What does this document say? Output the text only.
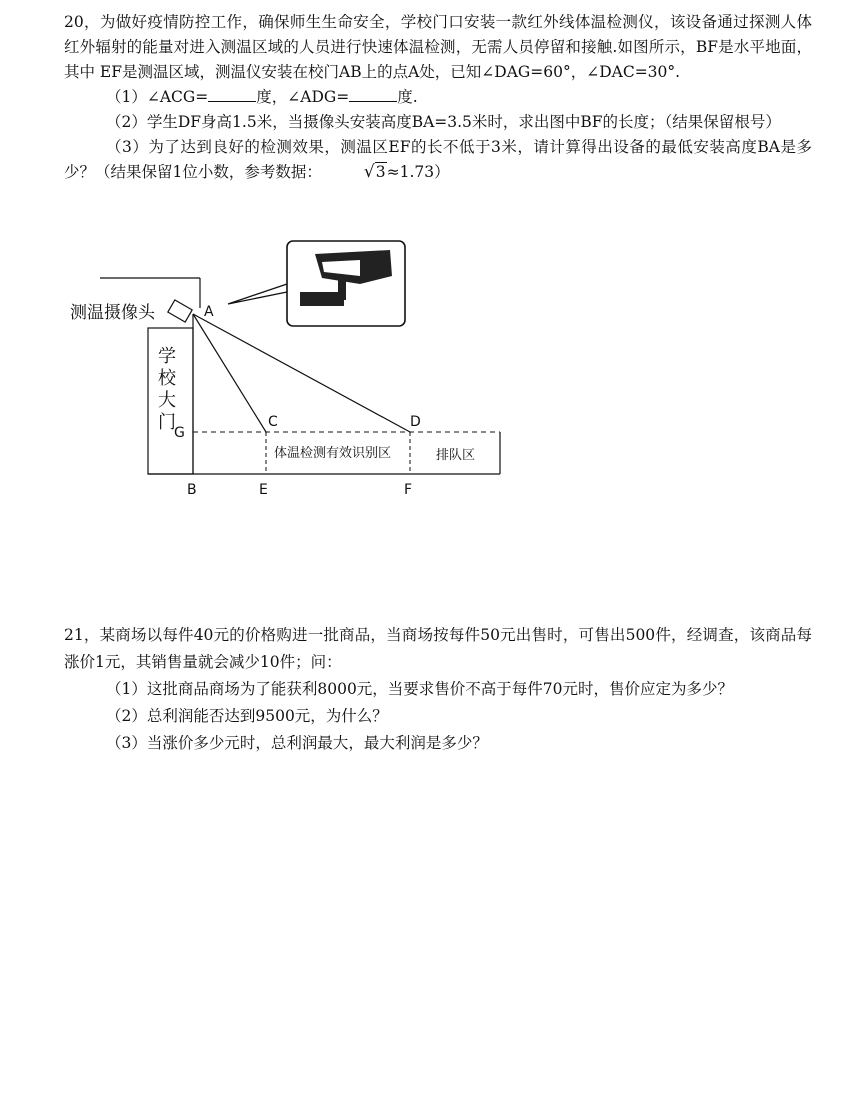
20，为做好疫情防控工作，确保师生生命安全，学校门口安装一款红外线体温检测仪，该设备通过探测人体红外辐射的能量对进入测温区域的人员进行快速体温检测，无需人员停留和接触.如图所示，BF是水平地面，其中 EF是测温区域，测温仪安装在校门AB上的点A处，已知∠DAG=60°，∠DAC=30°.
（1）∠ACG=	度，∠ADG=	度.
（2）学生DF身高1.5米，当摄像头安装高度BA=3.5米时，求出图中BF的长度；（结果保留根号）
（3）为了达到良好的检测效果，测温区EF的长不低于3米，请计算得出设备的最低安装高度BA是多少？（结果保留1位小数，参考数据： √3≈1.73）
测温摄像头	A
学
校
大
门
体温检测有效识别区	排队区
G
C	D
B	E	F
21，某商场以每件40元的价格购进一批商品，当商场按每件50元出售时，可售出500件，经调查，该商品每涨价1元，其销售量就会减少10件；问：
（1）这批商品商场为了能获利8000元，当要求售价不高于每件70元时，售价应定为多少？
（2）总利润能否达到9500元，为什么？
（3）当涨价多少元时，总利润最大，最大利润是多少？
